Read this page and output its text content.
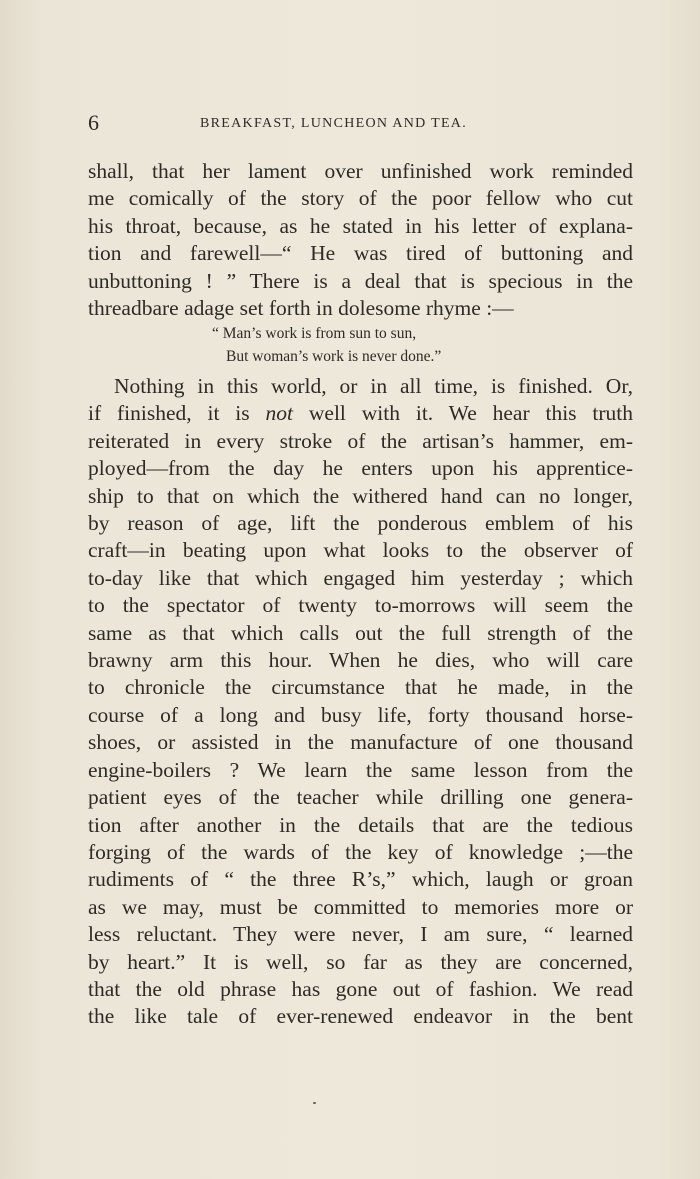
6	BREAKFAST, LUNCHEON AND TEA.
shall, that her lament over unfinished work reminded
me comically of the story of the poor fellow who cut
his throat, because, as he stated in his letter of explana-
tion and farewell—“ He was tired of buttoning and
unbuttoning ! ” There is a deal that is specious in the
threadbare adage set forth in dolesome rhyme :—
“ Man’s work is from sun to sun,
But woman’s work is never done.”
Nothing in this world, or in all time, is finished. Or,
if finished, it is not well with it. We hear this truth
reiterated in every stroke of the artisan’s hammer, em-
ployed—from the day he enters upon his apprentice-
ship to that on which the withered hand can no longer,
by reason of age, lift the ponderous emblem of his
craft—in beating upon what looks to the observer of
to-day like that which engaged him yesterday ; which
to the spectator of twenty to-morrows will seem the
same as that which calls out the full strength of the
brawny arm this hour. When he dies, who will care
to chronicle the circumstance that he made, in the
course of a long and busy life, forty thousand horse-
shoes, or assisted in the manufacture of one thousand
engine-boilers ? We learn the same lesson from the
patient eyes of the teacher while drilling one genera-
tion after another in the details that are the tedious
forging of the wards of the key of knowledge ;—the
rudiments of “ the three R’s,” which, laugh or groan
as we may, must be committed to memories more or
less reluctant. They were never, I am sure, “ learned
by heart.” It is well, so far as they are concerned,
that the old phrase has gone out of fashion. We read
the like tale of ever-renewed endeavor in the bent
